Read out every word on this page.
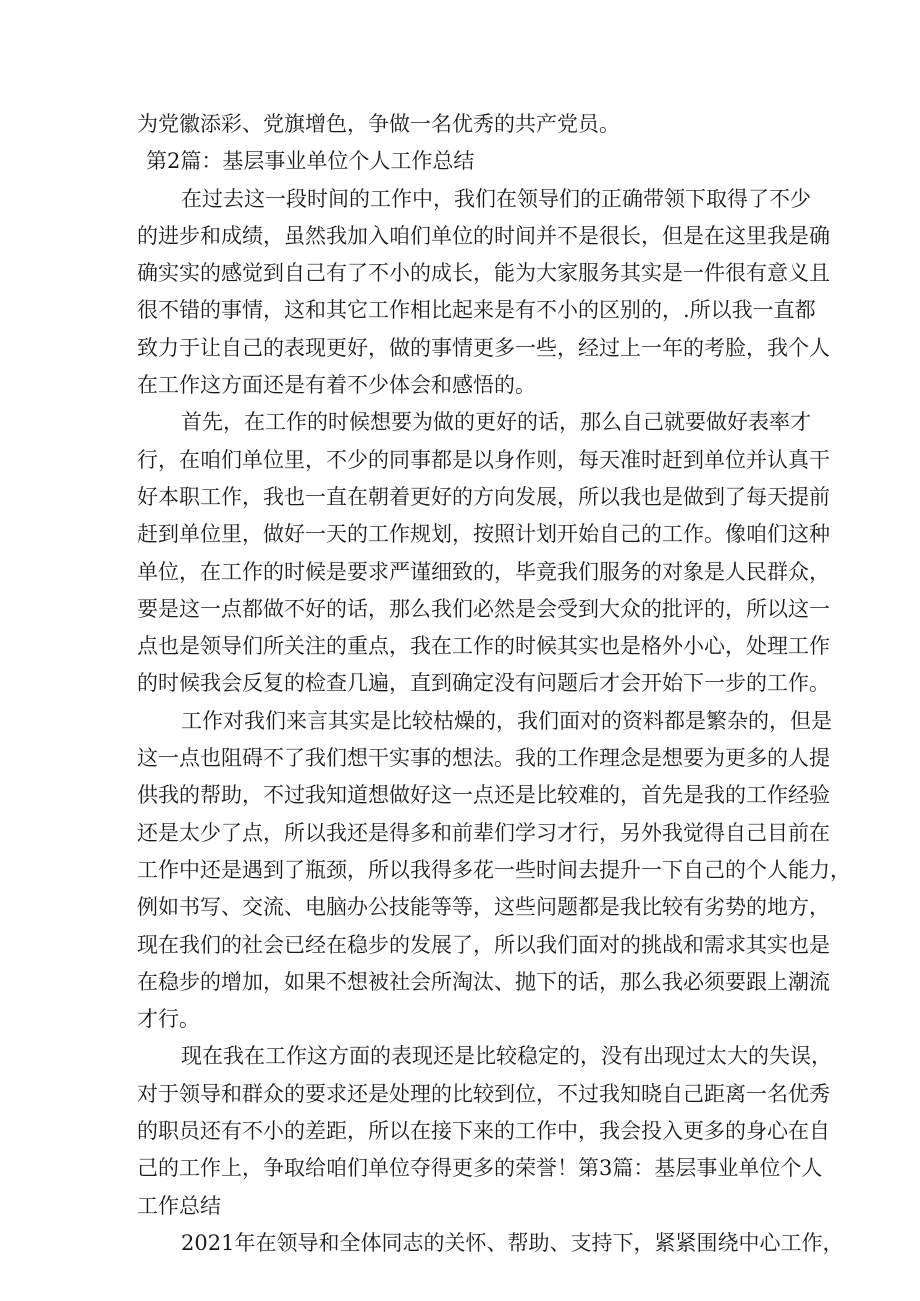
为党徽添彩、党旗增色，争做一名优秀的共产党员。
第2篇：基层事业单位个人工作总结
在过去这一段时间的工作中，我们在领导们的正确带领下取得了不少
的进步和成绩，虽然我加入咱们单位的时间并不是很长，但是在这里我是确
确实实的感觉到自己有了不小的成长，能为大家服务其实是一件很有意义且
很不错的事情，这和其它工作相比起来是有不小的区别的，.所以我一直都
致力于让自己的表现更好，做的事情更多一些，经过上一年的考脸，我个人
在工作这方面还是有着不少体会和感悟的。
首先，在工作的时候想要为做的更好的话，那么自己就要做好表率才
行，在咱们单位里，不少的同事都是以身作则，每天准时赶到单位并认真干
好本职工作，我也一直在朝着更好的方向发展，所以我也是做到了每天提前
赶到单位里，做好一天的工作规划，按照计划开始自己的工作。像咱们这种
单位，在工作的时候是要求严谨细致的，毕竟我们服务的对象是人民群众，
要是这一点都做不好的话，那么我们必然是会受到大众的批评的，所以这一
点也是领导们所关注的重点，我在工作的时候其实也是格外小心，处理工作
的时候我会反复的检查几遍，直到确定没有问题后才会开始下一步的工作。
工作对我们来言其实是比较枯燥的，我们面对的资料都是繁杂的，但是
这一点也阻碍不了我们想干实事的想法。我的工作理念是想要为更多的人提
供我的帮助，不过我知道想做好这一点还是比较难的，首先是我的工作经验
还是太少了点，所以我还是得多和前辈们学习才行，另外我觉得自己目前在
工作中还是遇到了瓶颈，所以我得多花一些时间去提升一下自己的个人能力，
例如书写、交流、电脑办公技能等等，这些问题都是我比较有劣势的地方，
现在我们的社会已经在稳步的发展了，所以我们面对的挑战和需求其实也是
在稳步的增加，如果不想被社会所淘汰、抛下的话，那么我必须要跟上潮流
才行。
现在我在工作这方面的表现还是比较稳定的，没有出现过太大的失误，
对于领导和群众的要求还是处理的比较到位，不过我知晓自己距离一名优秀
的职员还有不小的差距，所以在接下来的工作中，我会投入更多的身心在自
己的工作上，争取给咱们单位夺得更多的荣誉！第3篇：基层事业单位个人
工作总结
2021年在领导和全体同志的关怀、帮助、支持下，紧紧围绕中心工作，
